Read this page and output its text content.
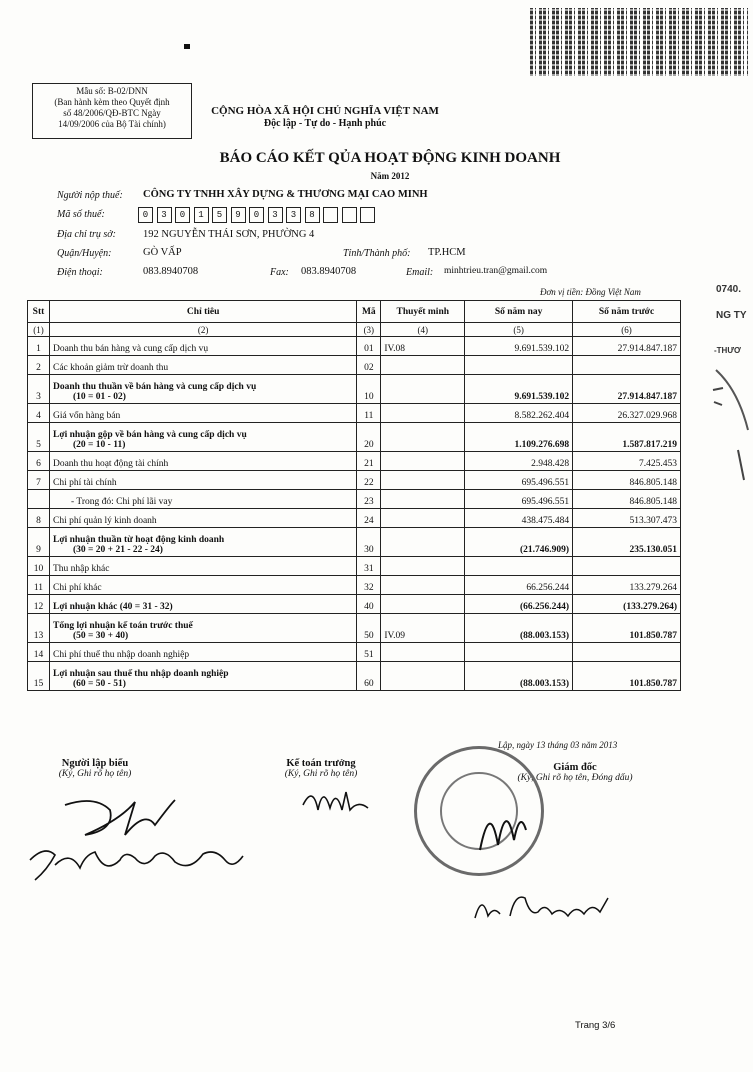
0740.
NG TY
-THƯƠ
Mẫu số: B-02/DNN
(Ban hành kèm theo Quyết định
số 48/2006/QĐ-BTC Ngày
14/09/2006 của Bộ Tài chính)
CỘNG HÒA XÃ HỘI CHỦ NGHĨA VIỆT NAM
Độc lập - Tự do - Hạnh phúc
BÁO CÁO KẾT QỦA HOẠT ĐỘNG KINH DOANH
Năm 2012
Người nộp thuế: CÔNG TY TNHH XÂY DỰNG & THƯƠNG MẠI CAO MINH
Mã số thuế:	0	3	0	1	5	9	0	3	3	8
Địa chỉ trụ sở:	192 NGUYỄN THÁI SƠN, PHƯỜNG 4
Quận/Huyện:	GÒ VẤP	Tỉnh/Thành phố: TP.HCM
Điện thoại:	083.8940708	Fax: 083.8940708	Email: minhtrieu.tran@gmail.com
Đơn vị tiền: Đồng Việt Nam
Stt	Chỉ tiêu	Mã	Thuyết minh	Số năm nay	Số năm trước
(1)	(2)	(3)	(4)	(5)	(6)
1	Doanh thu bán hàng và cung cấp dịch vụ	01	IV.08	9.691.539.102	27.914.847.187
2	Các khoản giảm trừ doanh thu	02			
3	Doanh thu thuần về bán hàng và cung cấp dịch vụ
(10 = 01 - 02)	10		9.691.539.102	27.914.847.187
4	Giá vốn hàng bán	11		8.582.262.404	26.327.029.968
5	Lợi nhuận gộp về bán hàng và cung cấp dịch vụ
(20 = 10 - 11)	20		1.109.276.698	1.587.817.219
6	Doanh thu hoạt động tài chính	21		2.948.428	7.425.453
7	Chi phí tài chính	22		695.496.551	846.805.148
	- Trong đó: Chi phí lãi vay	23		695.496.551	846.805.148
8	Chi phí quản lý kinh doanh	24		438.475.484	513.307.473
9	Lợi nhuận thuần từ hoạt động kinh doanh
(30 = 20 + 21 - 22 - 24)	30		(21.746.909)	235.130.051
10	Thu nhập khác	31			
11	Chi phí khác	32		66.256.244	133.279.264
12	Lợi nhuận khác (40 = 31 - 32)	40		(66.256.244)	(133.279.264)
13	Tổng lợi nhuận kế toán trước thuế
(50 = 30 + 40)	50	IV.09	(88.003.153)	101.850.787
14	Chi phí thuế thu nhập doanh nghiệp	51			
15	Lợi nhuận sau thuế thu nhập doanh nghiệp
(60 = 50 - 51)	60		(88.003.153)	101.850.787
Lập, ngày 13 tháng 03 năm 2013
Người lập biểu
(Ký, Ghi rõ họ tên)
Kế toán trưởng
(Ký, Ghi rõ họ tên)
Giám đốc
(Ký, Ghi rõ họ tên, Đóng dấu)
Trang 3/6
